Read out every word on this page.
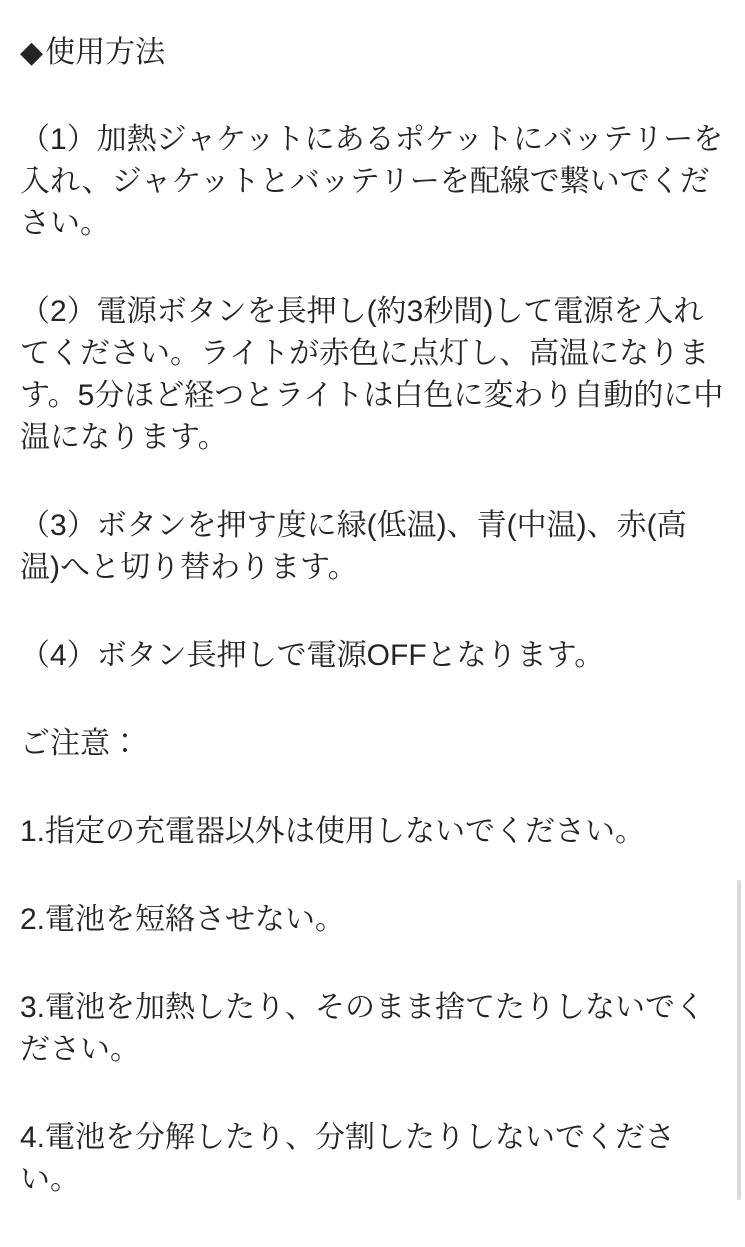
◆使用方法

（1）加熱ジャケットにあるポケットにバッテリーを入れ、ジャケットとバッテリーを配線で繋いでください。

（2）電源ボタンを長押し(約3秒間)して電源を入れてください。ライトが赤色に点灯し、高温になります。5分ほど経つとライトは白色に変わり自動的に中温になります。

（3）ボタンを押す度に緑(低温)、青(中温)、赤(高温)へと切り替わります。

（4）ボタン長押しで電源OFFとなります。

ご注意：

1.指定の充電器以外は使用しないでください。

2.電池を短絡させない。

3.電池を加熱したり、そのまま捨てたりしないでください。

4.電池を分解したり、分割したりしないでください。
